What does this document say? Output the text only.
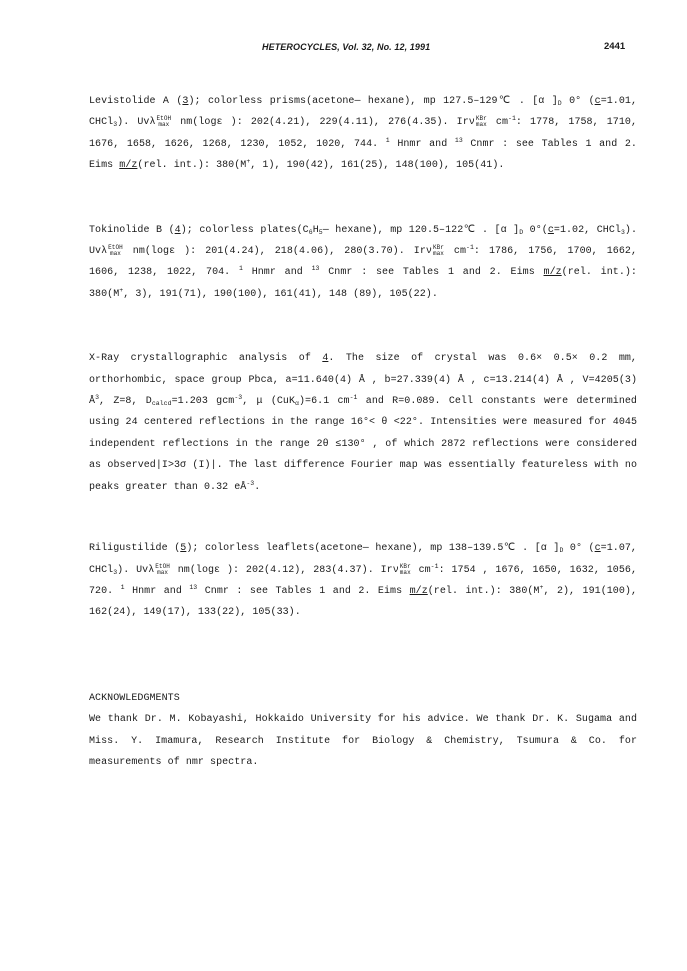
HETEROCYCLES, Vol. 32, No. 12, 1991	2441

Levistolide A (3); colorless prisms(acetone— hexane), mp 127.5–129℃ . [α ]$_D$ 0° (c=1.01, CHCl$_3$). Uvλ EtOH
max nm(logε ): 202(4.21), 229(4.11), 276(4.35). Irν KBr
$\max cm^{-1}$: 1778, 1758, 1710, 1676, 1658, 1626, 1268, 1230, 1052, 1020, 744. $^1$ Hnmr and $^{13}$ Cnmr : see Tables 1 and 2. Eims m/z(rel. int.): 380(M+, 1), 190(42), 161(25), 148(100), 105(41).

Tokinolide B (4); colorless $plates(C_6H_5—$ hexane), mp 120.5–122℃ . [α ]$_D$ 0°(c=1.02, CHCl$_3$). Uvλ EtOH
max nm(logε ): 201(4.24), 218(4.06), 280(3.70). Irν KBr
$\max cm^{-1}$: 1786, 1756, 1700, 1662, 1606, 1238, 1022, 704. $^1$ Hnmr and $^{13}$ Cnmr : see Tables 1 and 2. Eims m/z(rel. int.): 380(M+, 3), 191(71), 190(100), 161(41), 148 (89), 105(22).

X-Ray crystallographic analysis of 4. The size of crystal was 0.6× 0.5× 0.2 mm, orthorhombic, space group Pbca, a=11.640(4) Å , b=27.339(4) Å , c=13.214(4) Å , V=4205(3) $Å^3$, Z=8, $D_{calcd}=1.203$ gcm$^{-3}$, μ (CuK$_\alpha$)=6.1 $cm^{-1}$ and R=0.089. Cell constants were determined using 24 centered reflections in the range 16°< θ <22°. Intensities were measured for 4045 independent reflections in the range 2θ ≤130° , of which 2872 reflections were considered as observed|I>3σ (I)|. The last difference Fourier map was essentially featureless with no peaks greater than 0.32 $eÅ^{-3}$.

Riligustilide (5); colorless leaflets(acetone— hexane), mp 138–139.5℃ . [α ]$_D$ 0° (c=1.07, CHCl$_3$). Uvλ EtOH
max nm(logε ): 202(4.12), 283(4.37). Irν KBr
$\max cm^{-1}$: 1754 , 1676, 1650, 1632, 1056, 720. $^1$ Hnmr and $^{13}$ Cnmr : see Tables 1 and 2. Eims m/z(rel. int.): 380(M+, 2), 191(100), 162(24), 149(17), 133(22), 105(33).

ACKNOWLEDGMENTS

We thank Dr. M. Kobayashi, Hokkaido University for his advice. We thank Dr. K. Sugama and Miss. Y. Imamura, Research Institute for Biology & Chemistry, Tsumura & Co. for measurements of nmr spectra.
